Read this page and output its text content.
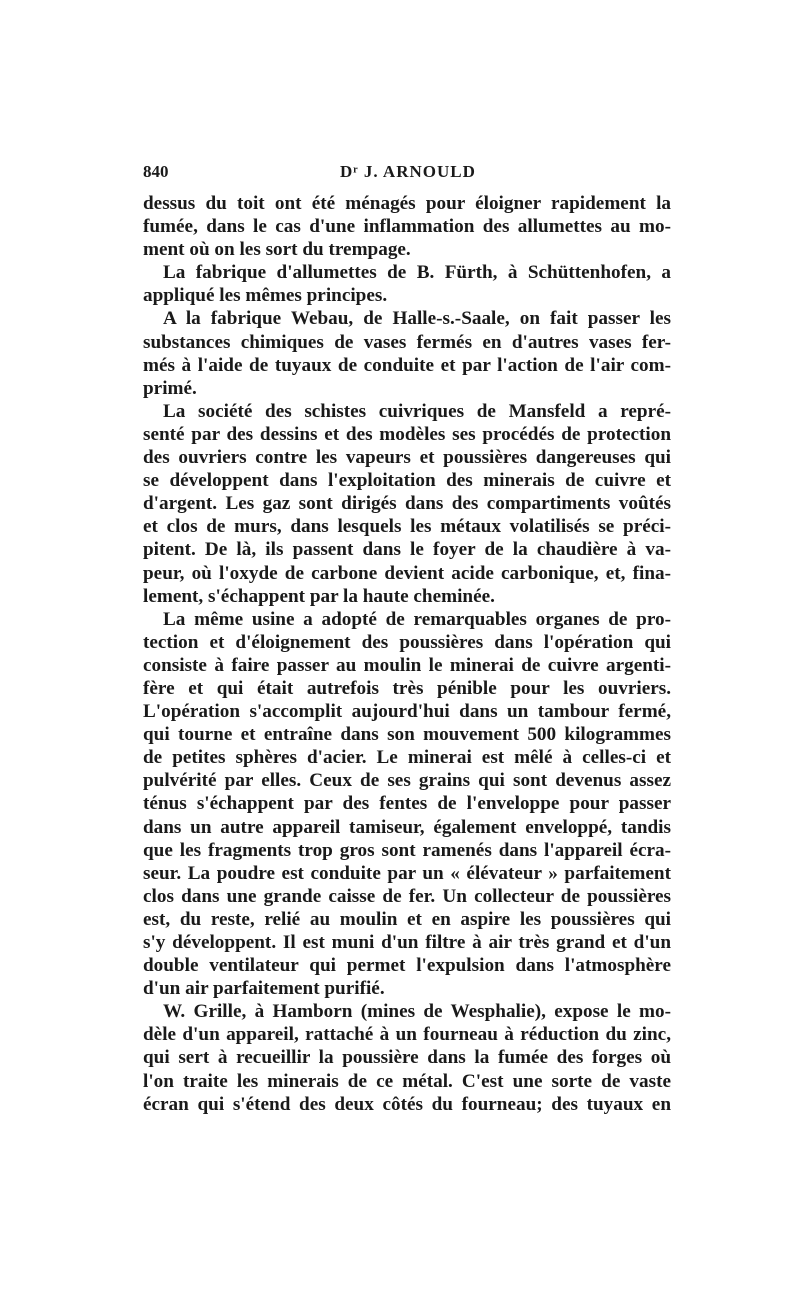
840	Dʳ J. ARNOULD
dessus du toit ont été ménagés pour éloigner rapidement la
fumée, dans le cas d'une inflammation des allumettes au mo-
ment où on les sort du trempage.
La fabrique d'allumettes de B. Fürth, à Schüttenhofen, a
appliqué les mêmes principes.
A la fabrique Webau, de Halle-s.-Saale, on fait passer les
substances chimiques de vases fermés en d'autres vases fer-
més à l'aide de tuyaux de conduite et par l'action de l'air com-
primé.
La société des schistes cuivriques de Mansfeld a repré-
senté par des dessins et des modèles ses procédés de protection
des ouvriers contre les vapeurs et poussières dangereuses qui
se développent dans l'exploitation des minerais de cuivre et
d'argent. Les gaz sont dirigés dans des compartiments voûtés
et clos de murs, dans lesquels les métaux volatilisés se préci-
pitent. De là, ils passent dans le foyer de la chaudière à va-
peur, où l'oxyde de carbone devient acide carbonique, et, fina-
lement, s'échappent par la haute cheminée.
La même usine a adopté de remarquables organes de pro-
tection et d'éloignement des poussières dans l'opération qui
consiste à faire passer au moulin le minerai de cuivre argenti-
fère et qui était autrefois très pénible pour les ouvriers.
L'opération s'accomplit aujourd'hui dans un tambour fermé,
qui tourne et entraîne dans son mouvement 500 kilogrammes
de petites sphères d'acier. Le minerai est mêlé à celles-ci et
pulvérité par elles. Ceux de ses grains qui sont devenus assez
ténus s'échappent par des fentes de l'enveloppe pour passer
dans un autre appareil tamiseur, également enveloppé, tandis
que les fragments trop gros sont ramenés dans l'appareil écra-
seur. La poudre est conduite par un « élévateur » parfaitement
clos dans une grande caisse de fer. Un collecteur de poussières
est, du reste, relié au moulin et en aspire les poussières qui
s'y développent. Il est muni d'un filtre à air très grand et d'un
double ventilateur qui permet l'expulsion dans l'atmosphère
d'un air parfaitement purifié.
W. Grille, à Hamborn (mines de Wesphalie), expose le mo-
dèle d'un appareil, rattaché à un fourneau à réduction du zinc,
qui sert à recueillir la poussière dans la fumée des forges où
l'on traite les minerais de ce métal. C'est une sorte de vaste
écran qui s'étend des deux côtés du fourneau; des tuyaux en
